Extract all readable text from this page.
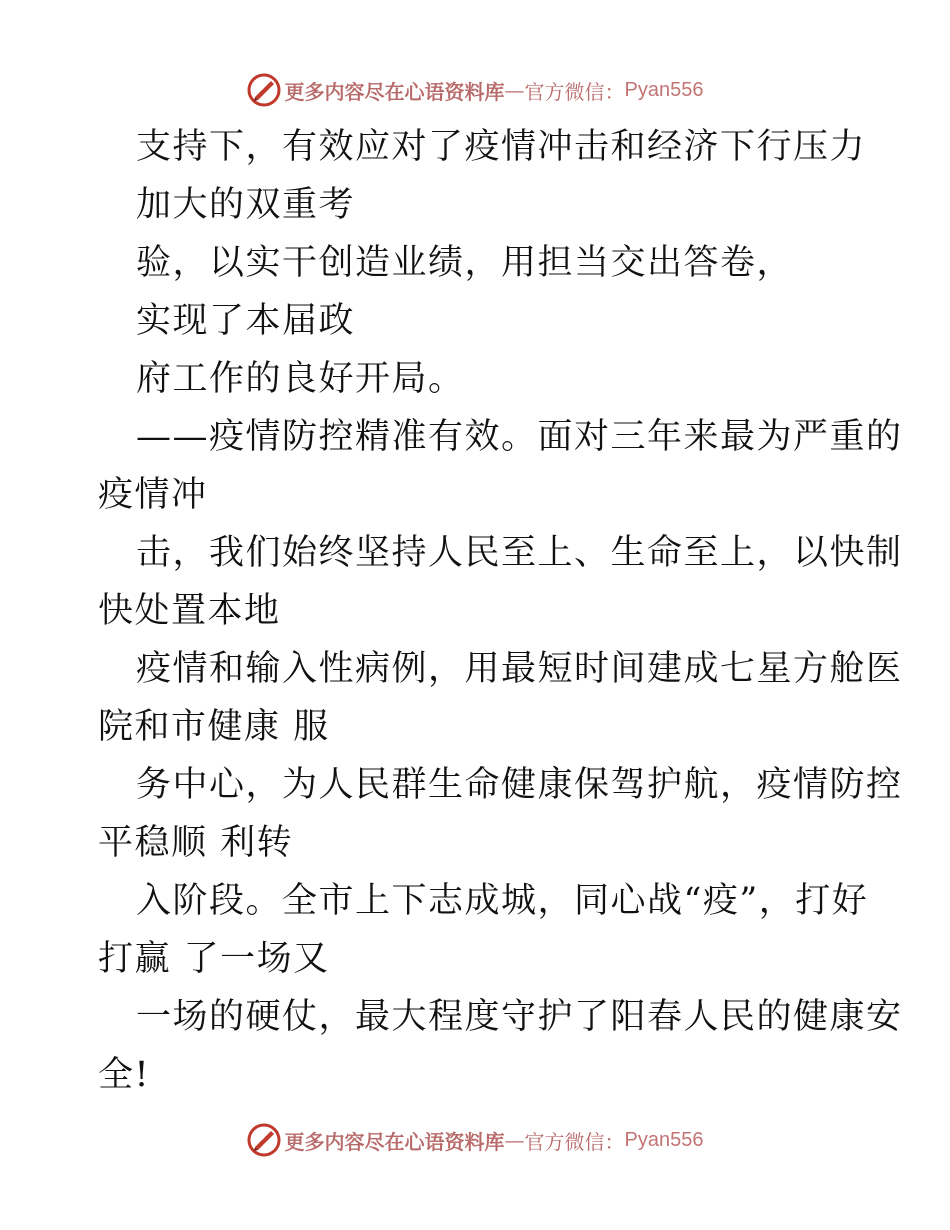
更多内容尽在心语资料库 — 官方微信： Pyan556
支持下，有效应对了疫情冲击和经济下行压力
加大的双重考
验，以实干创造业绩，用担当交出答卷，
实现了本届政
府工作的良好开局。
——疫情防控精准有效。面对三年来最为严重的
疫情冲
击，我们始终坚持人民至上、生命至上，以快制
快处置本地
疫情和输入性病例，用最短时间建成七星方舱医
院和市健康 服
务中心，为人民群生命健康保驾护航，疫情防控
平稳顺 利转
入阶段。全市上下志成城，同心战“疫”，打好
打赢 了一场又
一场的硬仗，最大程度守护了阳春人民的健康安
全!
更多内容尽在心语资料库 — 官方微信： Pyan556
